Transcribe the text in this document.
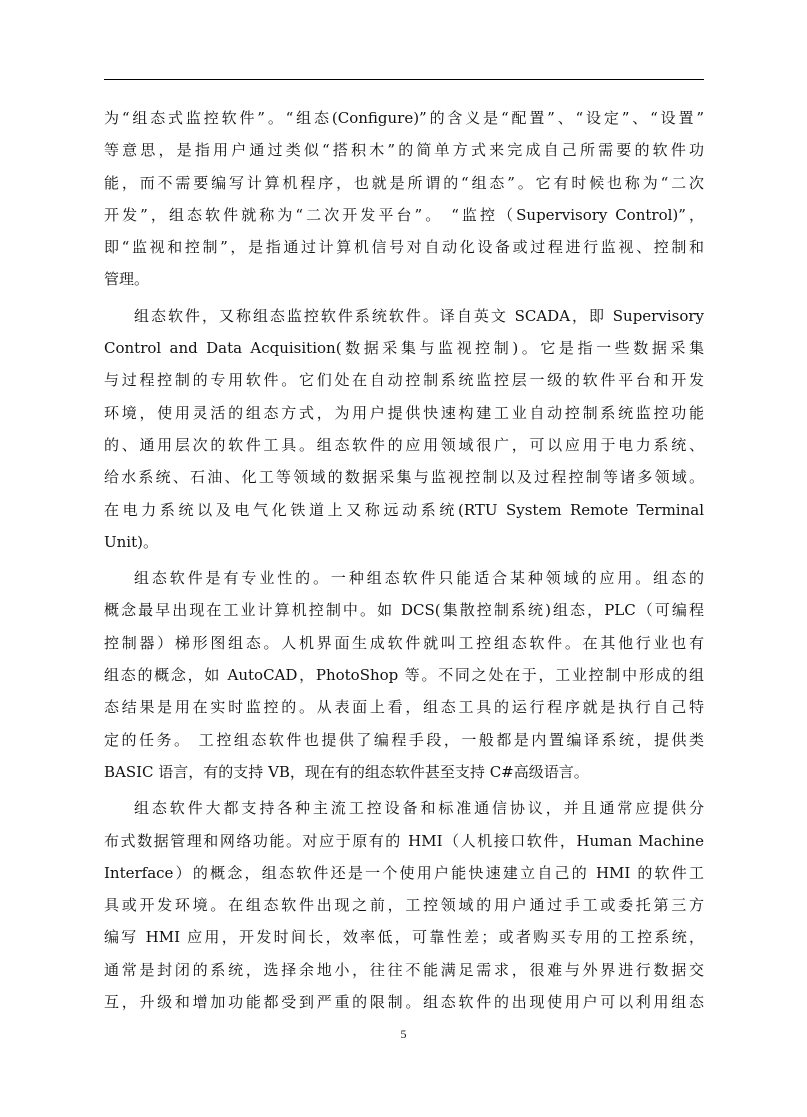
为“组态式监控软件”。“组态(Configure)”的含义是“配置”、“设定”、“设置”
等意思，是指用户通过类似“搭积木”的简单方式来完成自己所需要的软件功
能，而不需要编写计算机程序，也就是所谓的“组态”。它有时候也称为“二次
开发”，组态软件就称为“二次开发平台”。 “监控（Supervisory Control)”，
即“监视和控制”，是指通过计算机信号对自动化设备或过程进行监视、控制和
管理。
组态软件，又称组态监控软件系统软件。译自英文 SCADA，即 Supervisory
Control and Data Acquisition(数据采集与监视控制)。它是指一些数据采集
与过程控制的专用软件。它们处在自动控制系统监控层一级的软件平台和开发
环境，使用灵活的组态方式，为用户提供快速构建工业自动控制系统监控功能
的、通用层次的软件工具。组态软件的应用领域很广，可以应用于电力系统、
给水系统、石油、化工等领域的数据采集与监视控制以及过程控制等诸多领域。
在电力系统以及电气化铁道上又称远动系统(RTU System Remote Terminal
Unit)。
组态软件是有专业性的。一种组态软件只能适合某种领域的应用。组态的
概念最早出现在工业计算机控制中。如 DCS(集散控制系统)组态，PLC（可编程
控制器）梯形图组态。人机界面生成软件就叫工控组态软件。在其他行业也有
组态的概念，如 AutoCAD，PhotoShop 等。不同之处在于，工业控制中形成的组
态结果是用在实时监控的。从表面上看，组态工具的运行程序就是执行自己特
定的任务。 工控组态软件也提供了编程手段，一般都是内置编译系统，提供类
BASIC 语言，有的支持 VB，现在有的组态软件甚至支持 C#高级语言。
组态软件大都支持各种主流工控设备和标准通信协议，并且通常应提供分
布式数据管理和网络功能。对应于原有的 HMI（人机接口软件，Human Machine
Interface）的概念，组态软件还是一个使用户能快速建立自己的 HMI 的软件工
具或开发环境。在组态软件出现之前，工控领域的用户通过手工或委托第三方
编写 HMI 应用，开发时间长，效率低，可靠性差；或者购买专用的工控系统，
通常是封闭的系统，选择余地小，往往不能满足需求，很难与外界进行数据交
互，升级和增加功能都受到严重的限制。组态软件的出现使用户可以利用组态
5
